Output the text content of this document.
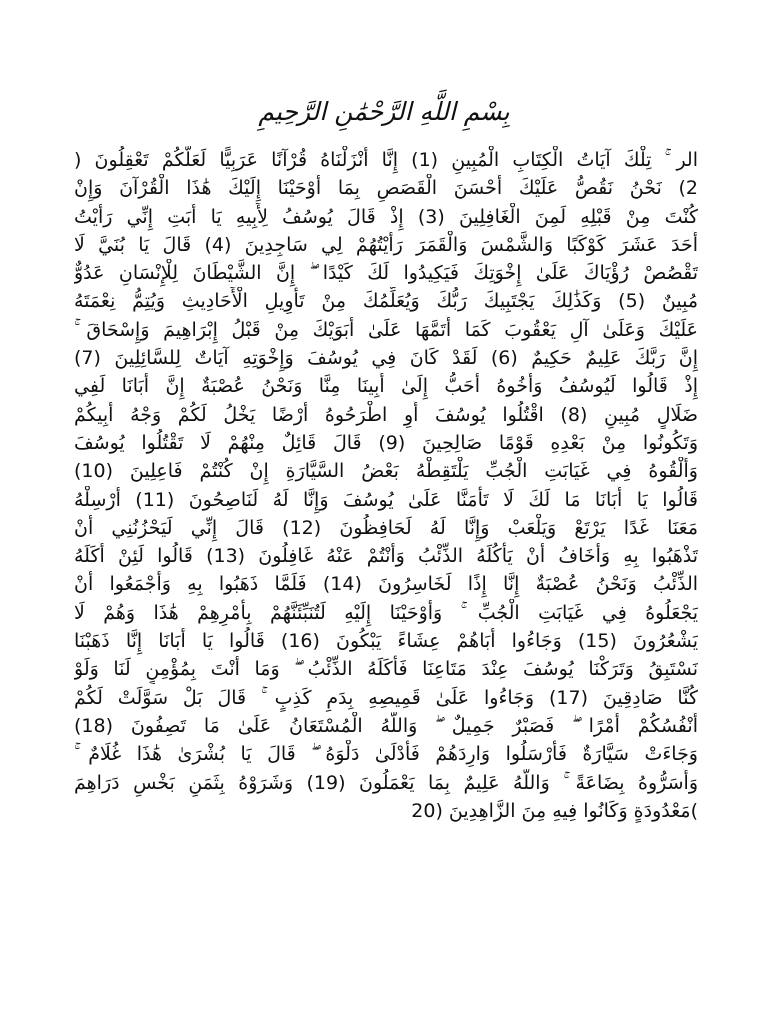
بِسْمِ اللَّهِ الرَّحْمَٰنِ الرَّحِيمِ
الر ۚ تِلْكَ آيَاتُ الْكِتَابِ الْمُبِينِ (1) إِنَّا أَنْزَلْنَاهُ قُرْآنًا عَرَبِيًّا لَعَلَّكُمْ تَعْقِلُونَ (
2) نَحْنُ نَقُصُّ عَلَيْكَ أَحْسَنَ الْقَصَصِ بِمَا أَوْحَيْنَا إِلَيْكَ هَٰذَا الْقُرْآنَ وَإِنْ
كُنْتَ مِنْ قَبْلِهِ لَمِنَ الْغَافِلِينَ (3) إِذْ قَالَ يُوسُفُ لِأَبِيهِ يَا أَبَتِ إِنِّي رَأَيْتُ
أَحَدَ عَشَرَ كَوْكَبًا وَالشَّمْسَ وَالْقَمَرَ رَأَيْتُهُمْ لِي سَاجِدِينَ (4) قَالَ يَا بُنَيَّ لَا
تَقْصُصْ رُؤْيَاكَ عَلَىٰ إِخْوَتِكَ فَيَكِيدُوا لَكَ كَيْدًا ۖ إِنَّ الشَّيْطَانَ لِلْإِنْسَانِ عَدُوٌّ
مُبِينٌ (5) وَكَذَٰلِكَ يَجْتَبِيكَ رَبُّكَ وَيُعَلِّمُكَ مِنْ تَأْوِيلِ الْأَحَادِيثِ وَيُتِمُّ نِعْمَتَهُ
عَلَيْكَ وَعَلَىٰ آلِ يَعْقُوبَ كَمَا أَتَمَّهَا عَلَىٰ أَبَوَيْكَ مِنْ قَبْلُ إِبْرَاهِيمَ وَإِسْحَاقَ ۚ
إِنَّ رَبَّكَ عَلِيمٌ حَكِيمٌ (6) لَقَدْ كَانَ فِي يُوسُفَ وَإِخْوَتِهِ آيَاتٌ لِلسَّائِلِينَ (7)
إِذْ قَالُوا لَيُوسُفُ وَأَخُوهُ أَحَبُّ إِلَىٰ أَبِينَا مِنَّا وَنَحْنُ عُصْبَةٌ إِنَّ أَبَانَا لَفِي
ضَلَالٍ مُبِينٍ (8) اقْتُلُوا يُوسُفَ أَوِ اطْرَحُوهُ أَرْضًا يَخْلُ لَكُمْ وَجْهُ أَبِيكُمْ
وَتَكُونُوا مِنْ بَعْدِهِ قَوْمًا صَالِحِينَ (9) قَالَ قَائِلٌ مِنْهُمْ لَا تَقْتُلُوا يُوسُفَ
وَأَلْقُوهُ فِي غَيَابَتِ الْجُبِّ يَلْتَقِطْهُ بَعْضُ السَّيَّارَةِ إِنْ كُنْتُمْ فَاعِلِينَ (10)
قَالُوا يَا أَبَانَا مَا لَكَ لَا تَأْمَنَّا عَلَىٰ يُوسُفَ وَإِنَّا لَهُ لَنَاصِحُونَ (11) أَرْسِلْهُ
مَعَنَا غَدًا يَرْتَعْ وَيَلْعَبْ وَإِنَّا لَهُ لَحَافِظُونَ (12) قَالَ إِنِّي لَيَحْزُنُنِي أَنْ
تَذْهَبُوا بِهِ وَأَخَافُ أَنْ يَأْكُلَهُ الذِّئْبُ وَأَنْتُمْ عَنْهُ غَافِلُونَ (13) قَالُوا لَئِنْ أَكَلَهُ
الذِّئْبُ وَنَحْنُ عُصْبَةٌ إِنَّا إِذًا لَخَاسِرُونَ (14) فَلَمَّا ذَهَبُوا بِهِ وَأَجْمَعُوا أَنْ
يَجْعَلُوهُ فِي غَيَابَتِ الْجُبِّ ۚ وَأَوْحَيْنَا إِلَيْهِ لَتُنَبِّئَنَّهُمْ بِأَمْرِهِمْ هَٰذَا وَهُمْ لَا
يَشْعُرُونَ (15) وَجَاءُوا أَبَاهُمْ عِشَاءً يَبْكُونَ (16) قَالُوا يَا أَبَانَا إِنَّا ذَهَبْنَا
نَسْتَبِقُ وَتَرَكْنَا يُوسُفَ عِنْدَ مَتَاعِنَا فَأَكَلَهُ الذِّئْبُ ۖ وَمَا أَنْتَ بِمُؤْمِنٍ لَنَا وَلَوْ
كُنَّا صَادِقِينَ (17) وَجَاءُوا عَلَىٰ قَمِيصِهِ بِدَمٍ كَذِبٍ ۚ قَالَ بَلْ سَوَّلَتْ لَكُمْ
أَنْفُسُكُمْ أَمْرًا ۖ فَصَبْرٌ جَمِيلٌ ۖ وَاللَّهُ الْمُسْتَعَانُ عَلَىٰ مَا تَصِفُونَ (18)
وَجَاءَتْ سَيَّارَةٌ فَأَرْسَلُوا وَارِدَهُمْ فَأَدْلَىٰ دَلْوَهُ ۖ قَالَ يَا بُشْرَىٰ هَٰذَا غُلَامٌ ۚ
وَأَسَرُّوهُ بِضَاعَةً ۚ وَاللَّهُ عَلِيمٌ بِمَا يَعْمَلُونَ (19) وَشَرَوْهُ بِثَمَنٍ بَخْسٍ دَرَاهِمَ
)مَعْدُودَةٍ وَكَانُوا فِيهِ مِنَ الزَّاهِدِينَ (20
